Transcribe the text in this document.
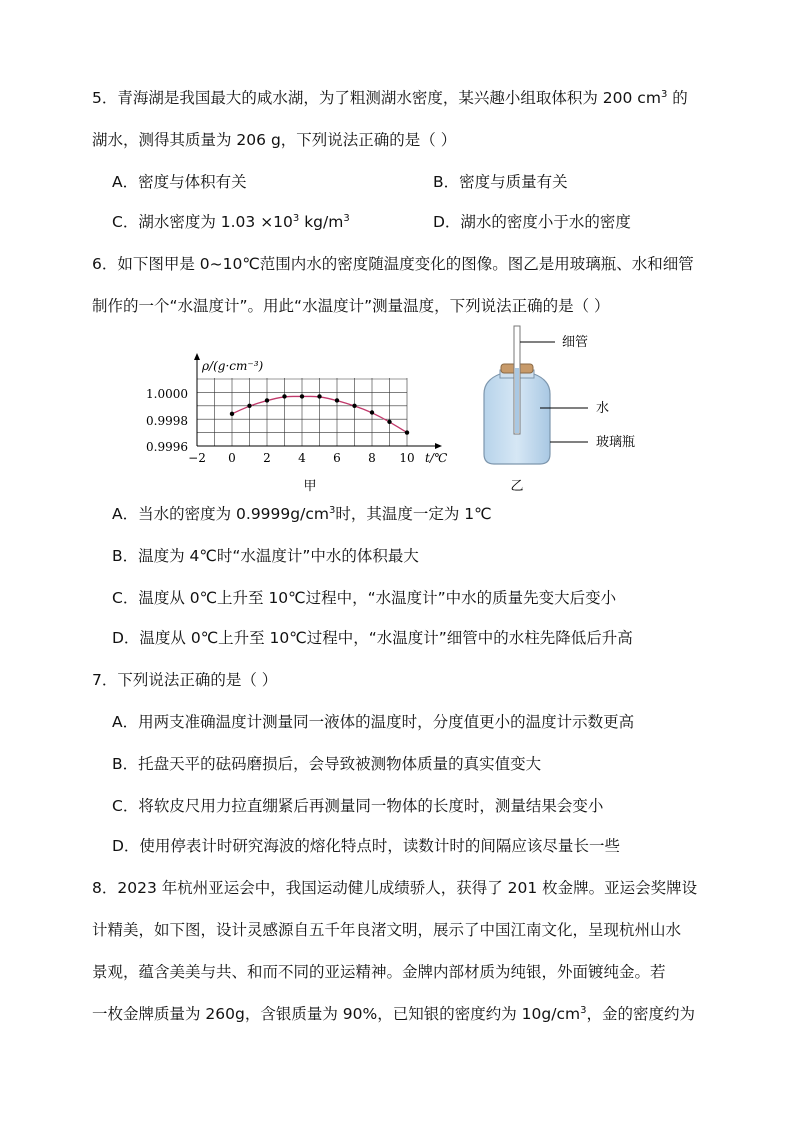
5．青海湖是我国最大的咸水湖，为了粗测湖水密度，某兴趣小组取体积为 200 $cm^3$ 的
湖水，测得其质量为 206 g，下列说法正确的是（ ）
A．密度与体积有关	B．密度与质量有关
C．湖水密度为 $1.03 \times 10^3$ $kg/m^3$	D．湖水的密度小于水的密度
6．如下图甲是 0~10℃范围内水的密度随温度变化的图像。图乙是用玻璃瓶、水和细管
制作的一个“水温度计”。用此“水温度计”测量温度，下列说法正确的是（ ）
ρ/(g·cm⁻³)
t/℃
1.0000
0.9998
0.9996
−2 0 2 4 6 8 10
甲
细管
水
玻璃瓶
乙
A．当水的密度为 $0.9999g/cm^3$时，其温度一定为 1℃
B．温度为 4℃时“水温度计”中水的体积最大
C．温度从 0℃上升至 10℃过程中，“水温度计”中水的质量先变大后变小
D．温度从 0℃上升至 10℃过程中，“水温度计”细管中的水柱先降低后升高
7．下列说法正确的是（ ）
A．用两支准确温度计测量同一液体的温度时，分度值更小的温度计示数更高
B．托盘天平的砝码磨损后，会导致被测物体质量的真实值变大
C．将软皮尺用力拉直绷紧后再测量同一物体的长度时，测量结果会变小
D．使用停表计时研究海波的熔化特点时，读数计时的间隔应该尽量长一些
8．2023 年杭州亚运会中，我国运动健儿成绩骄人，获得了 201 枚金牌。亚运会奖牌设
计精美，如下图，设计灵感源自五千年良渚文明，展示了中国江南文化，呈现杭州山水
景观，蕴含美美与共、和而不同的亚运精神。金牌内部材质为纯银，外面镀纯金。若
一枚金牌质量为 260g，含银质量为 90%，已知银的密度约为 $10g/cm^3$，金的密度约为
